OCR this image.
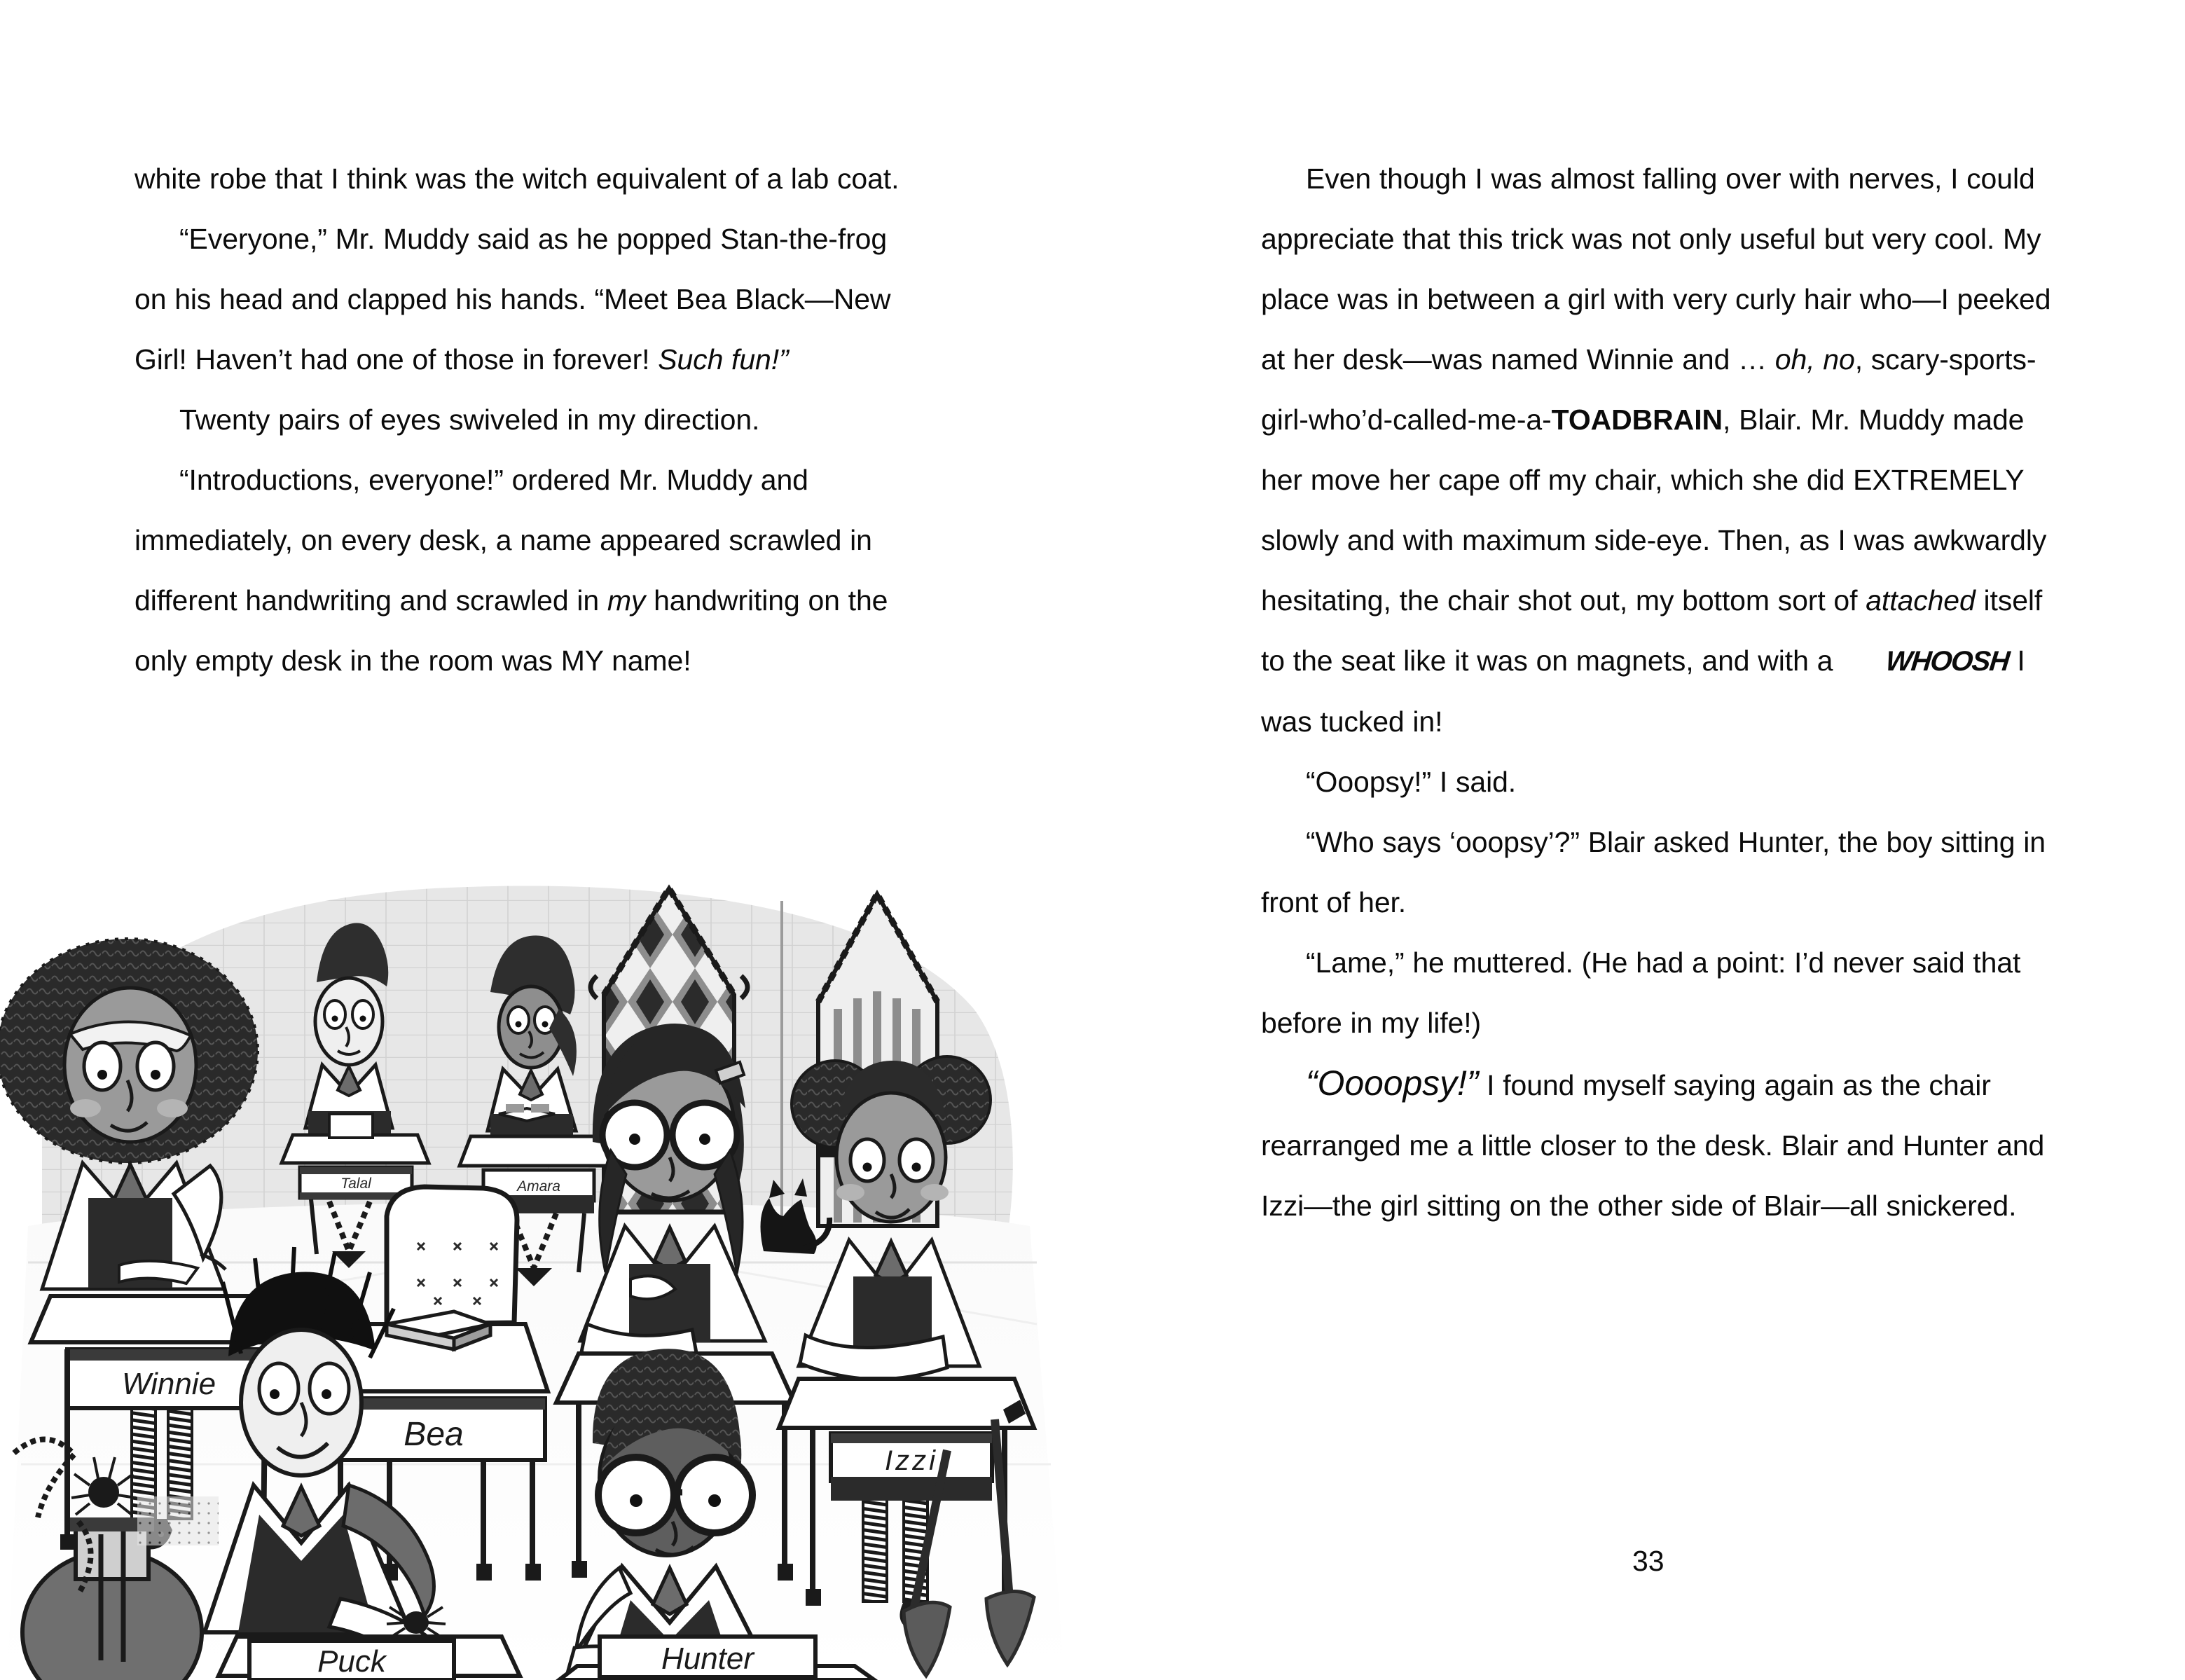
white robe that I think was the witch equivalent of a lab coat.

“Everyone,” Mr. Muddy said as he popped Stan-the-frog on his head and clapped his hands. “Meet Bea Black—New Girl! Haven’t had one of those in forever! Such fun!”

Twenty pairs of eyes swiveled in my direction.

“Introductions, everyone!” ordered Mr. Muddy and immediately, on every desk, a name appeared scrawled in different handwriting and scrawled in my handwriting on the only empty desk in the room was MY name!

Even though I was almost falling over with nerves, I could appreciate that this trick was not only useful but very cool. My place was in between a girl with very curly hair who—I peeked at her desk—was named Winnie and … oh, no, scary-sports-girl-who’d-called-me-a-TOADBRAIN, Blair. Mr. Muddy made her move her cape off my chair, which she did EXTREMELY slowly and with maximum side-eye. Then, as I was awkwardly hesitating, the chair shot out, my bottom sort of attached itself to the seat like it was on magnets, and with a WHOOSH I was tucked in!

“Ooopsy!” I said.

“Who says ‘ooopsy’?” Blair asked Hunter, the boy sitting in front of her.

“Lame,” he muttered. (He had a point: I’d never said that before in my life!)

“Oooopsy!” I found myself saying again as the chair rearranged me a little closer to the desk. Blair and Hunter and Izzi—the girl sitting on the other side of Blair—all snickered.

33
Talal	Amara
Winnie
Bea
Izzi
Puck	Hunter
